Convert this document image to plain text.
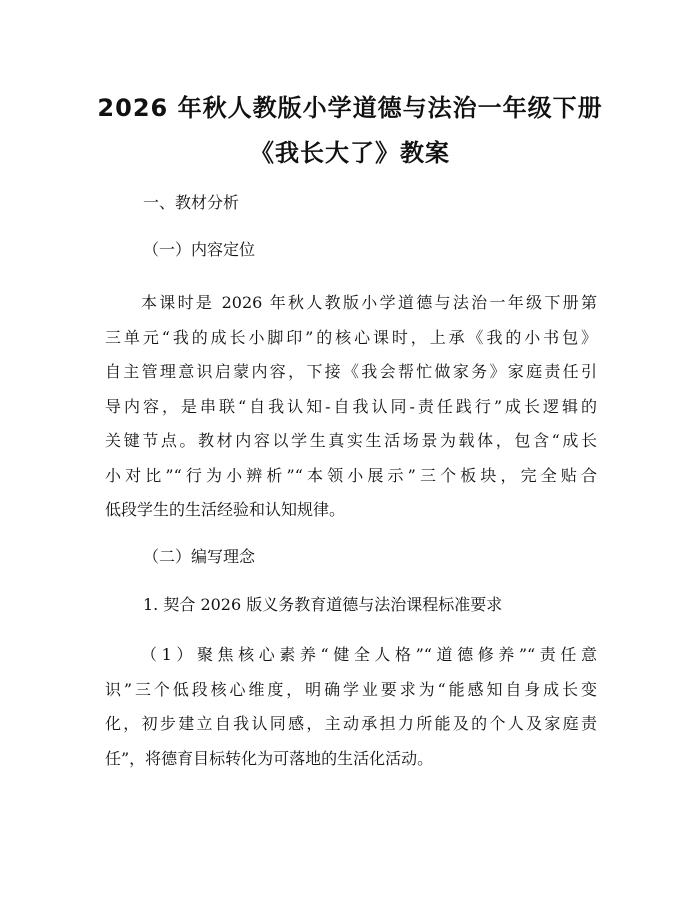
2026 年秋人教版小学道德与法治一年级下册
《我长大了》教案
一、教材分析
（一）内容定位
本课时是 2026 年秋人教版小学道德与法治一年级下册第
三单元“我的成长小脚印”的核心课时，上承《我的小书包》
自主管理意识启蒙内容，下接《我会帮忙做家务》家庭责任引
导内容，是串联“自我认知-自我认同-责任践行”成长逻辑的
关键节点。教材内容以学生真实生活场景为载体，包含“成长
小对比”“行为小辨析”“本领小展示”三个板块，完全贴合
低段学生的生活经验和认知规律。
（二）编写理念
1. 契合 2026 版义务教育道德与法治课程标准要求
（1）聚焦核心素养“健全人格”“道德修养”“责任意
识”三个低段核心维度，明确学业要求为“能感知自身成长变
化，初步建立自我认同感，主动承担力所能及的个人及家庭责
任”，将德育目标转化为可落地的生活化活动。
